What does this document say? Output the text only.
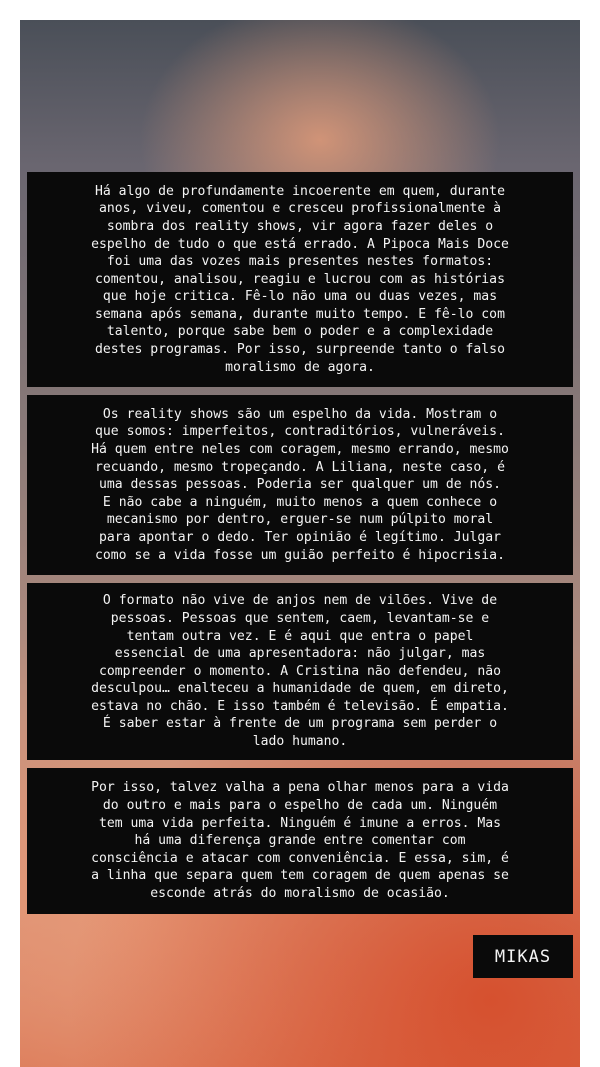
Há algo de profundamente incoerente em quem, durante
anos, viveu, comentou e cresceu profissionalmente à
sombra dos reality shows, vir agora fazer deles o
espelho de tudo o que está errado. A Pipoca Mais Doce
foi uma das vozes mais presentes nestes formatos:
comentou, analisou, reagiu e lucrou com as histórias
que hoje critica. Fê-lo não uma ou duas vezes, mas
semana após semana, durante muito tempo. E fê-lo com
talento, porque sabe bem o poder e a complexidade
destes programas. Por isso, surpreende tanto o falso
moralismo de agora.
Os reality shows são um espelho da vida. Mostram o
que somos: imperfeitos, contraditórios, vulneráveis.
Há quem entre neles com coragem, mesmo errando, mesmo
recuando, mesmo tropeçando. A Liliana, neste caso, é
uma dessas pessoas. Poderia ser qualquer um de nós.
E não cabe a ninguém, muito menos a quem conhece o
mecanismo por dentro, erguer-se num púlpito moral
para apontar o dedo. Ter opinião é legítimo. Julgar
como se a vida fosse um guião perfeito é hipocrisia.
O formato não vive de anjos nem de vilões. Vive de
pessoas. Pessoas que sentem, caem, levantam-se e
tentam outra vez. E é aqui que entra o papel
essencial de uma apresentadora: não julgar, mas
compreender o momento. A Cristina não defendeu, não
desculpou… enalteceu a humanidade de quem, em direto,
estava no chão. E isso também é televisão. É empatia.
É saber estar à frente de um programa sem perder o
lado humano.
Por isso, talvez valha a pena olhar menos para a vida
do outro e mais para o espelho de cada um. Ninguém
tem uma vida perfeita. Ninguém é imune a erros. Mas
há uma diferença grande entre comentar com
consciência e atacar com conveniência. E essa, sim, é
a linha que separa quem tem coragem de quem apenas se
esconde atrás do moralismo de ocasião.
MIKAS
